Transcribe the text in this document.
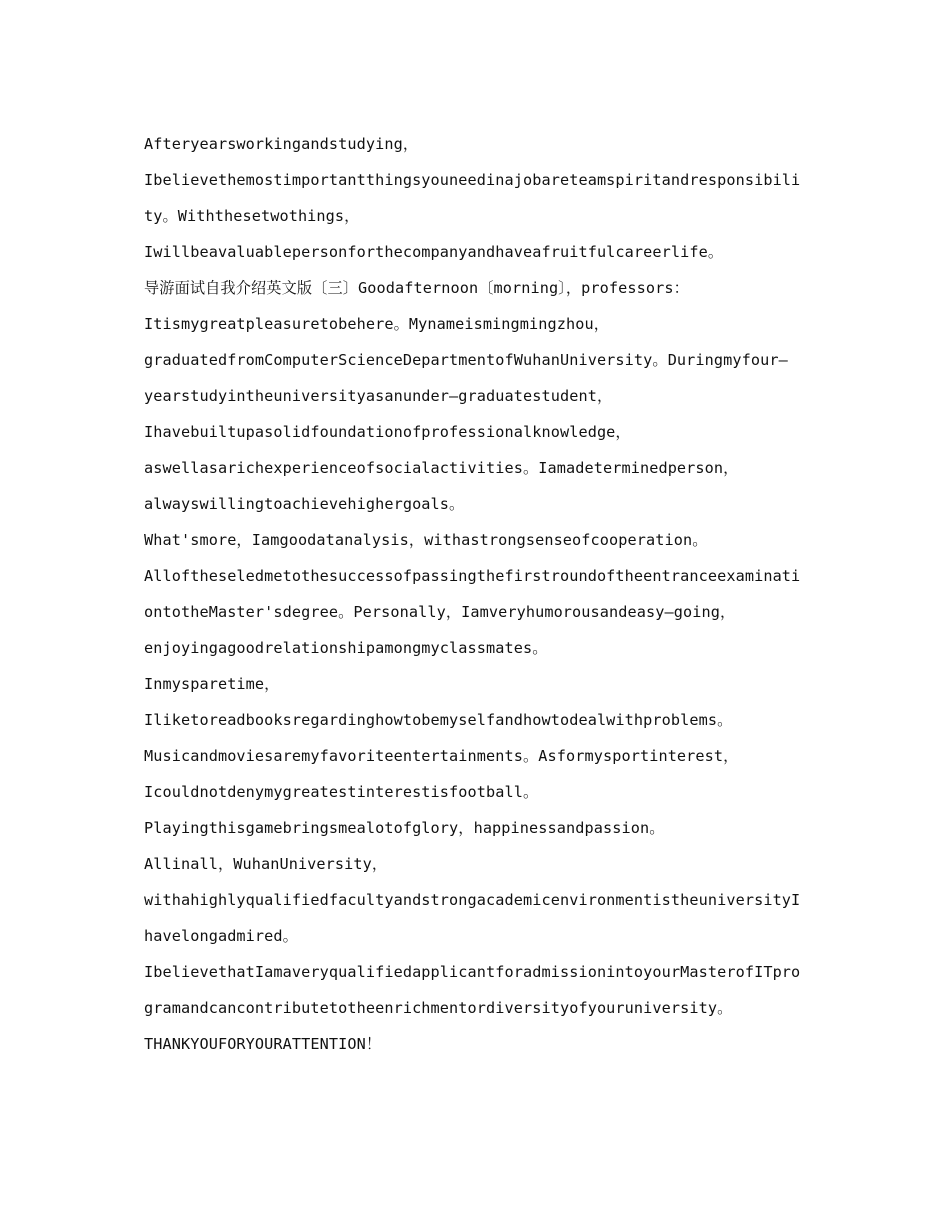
Afteryearsworkingandstudying，
Ibelievethemostimportantthingsyouneedinajobareteamspiritandresponsibili
ty。Withthesetwothings，
Iwillbeavaluablepersonforthecompanyandhaveafruitfulcareerlife。
导游面试自我介绍英文版〔三〕Goodafternoon〔morning〕，professors：
Itismygreatpleasuretobehere。Mynameismingmingzhou，
graduatedfromComputerScienceDepartmentofWuhanUniversity。Duringmyfour—
yearstudyintheuniversityasanunder—graduatestudent，
Ihavebuiltupasolidfoundationofprofessionalknowledge，
aswellasarichexperienceofsocialactivities。Iamadeterminedperson，
alwayswillingtoachievehighergoals。
What'smore，Iamgoodatanalysis，withastrongsenseofcooperation。
Alloftheseledmetothesuccessofpassingthefirstroundoftheentranceexaminati
ontotheMaster'sdegree。Personally，Iamveryhumorousandeasy—going，
enjoyingagoodrelationshipamongmyclassmates。
Inmysparetime，
Iliketoreadbooksregardinghowtobemyselfandhowtodealwithproblems。
Musicandmoviesaremyfavoriteentertainments。Asformysportinterest，
Icouldnotdenymygreatestinterestisfootball。
Playingthisgamebringsmealotofglory，happinessandpassion。
Allinall，WuhanUniversity，
withahighlyqualifiedfacultyandstrongacademicenvironmentistheuniversityI
havelongadmired。
IbelievethatIamaveryqualifiedapplicantforadmissionintoyourMasterofITpro
gramandcancontributetotheenrichmentordiversityofyouruniversity。
THANKYOUFORYOURATTENTION！
